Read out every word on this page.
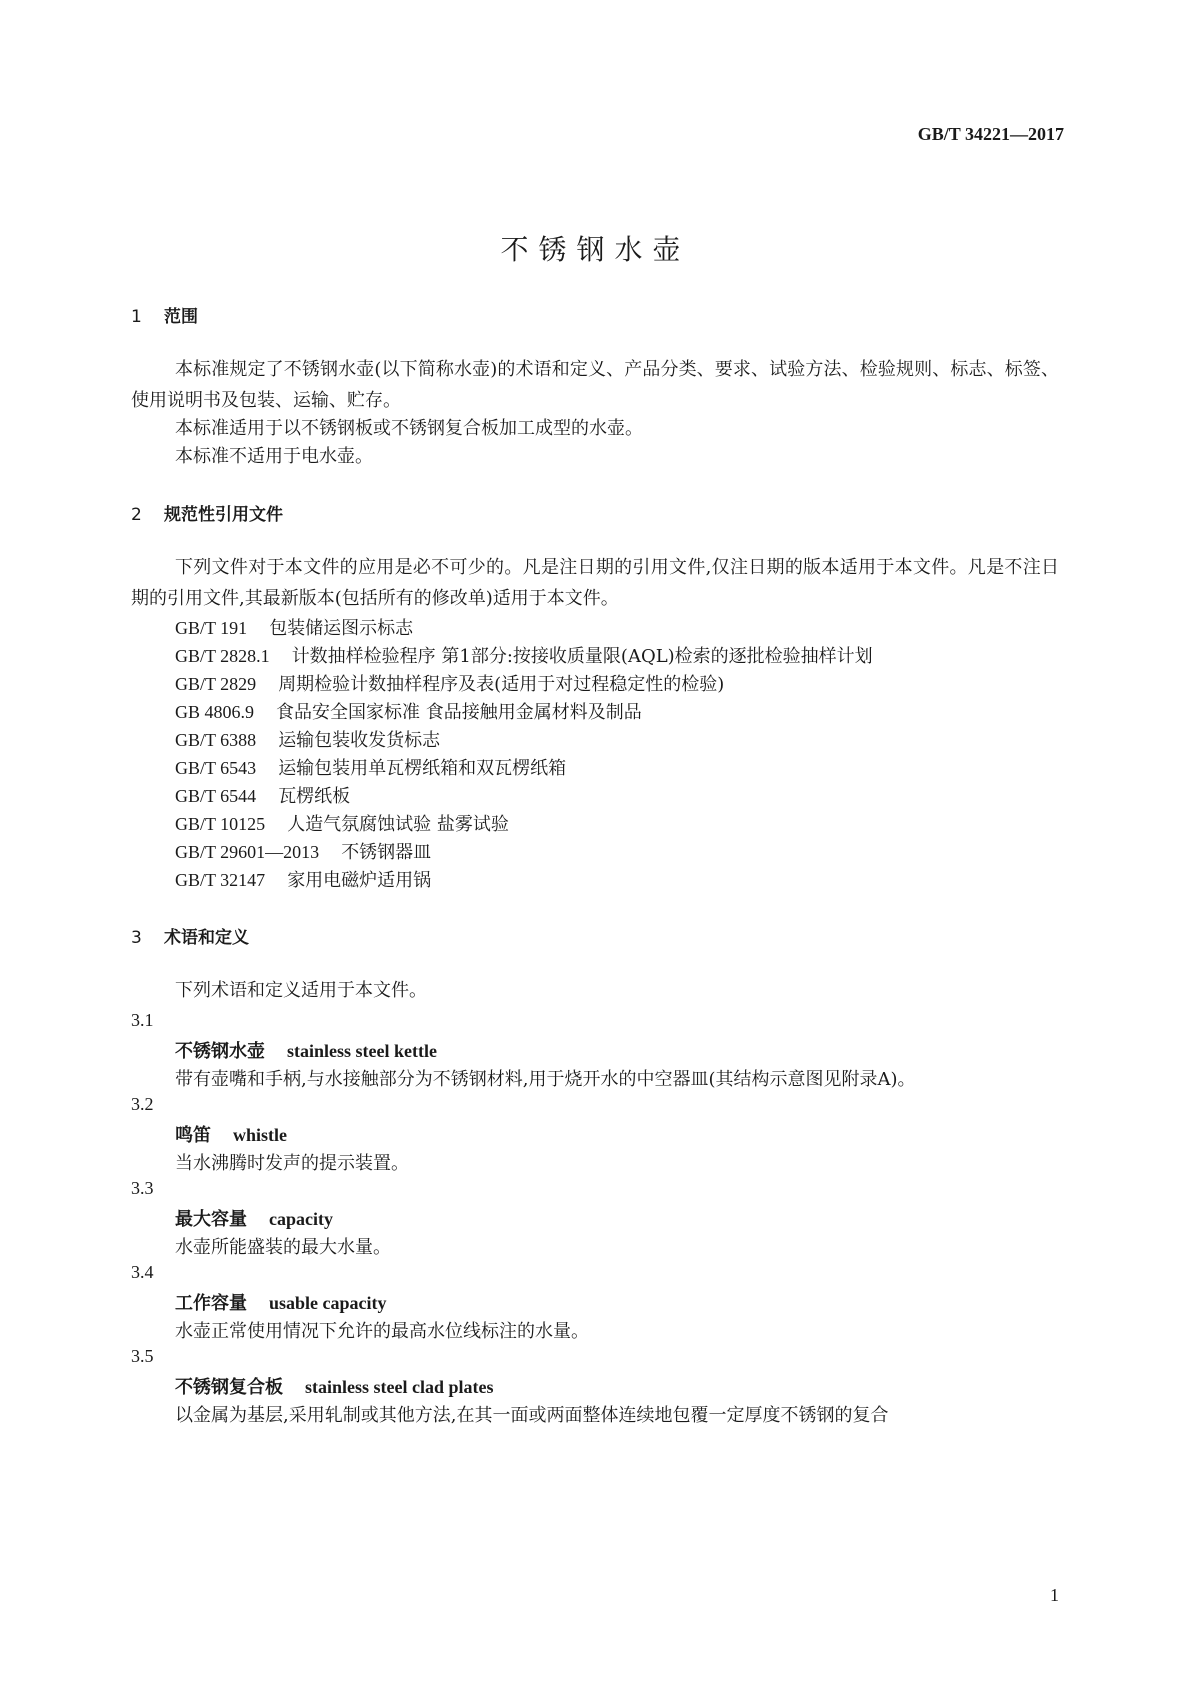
GB/T 34221—2017
不锈钢水壶
1 范围
本标准规定了不锈钢水壶(以下简称水壶)的术语和定义、产品分类、要求、试验方法、检验规则、标志、标签、使用说明书及包装、运输、贮存。
本标准适用于以不锈钢板或不锈钢复合板加工成型的水壶。
本标准不适用于电水壶。
2 规范性引用文件
下列文件对于本文件的应用是必不可少的。凡是注日期的引用文件,仅注日期的版本适用于本文件。凡是不注日期的引用文件,其最新版本(包括所有的修改单)适用于本文件。
GB/T 191 包装储运图示标志
GB/T 2828.1 计数抽样检验程序 第1部分:按接收质量限(AQL)检索的逐批检验抽样计划
GB/T 2829 周期检验计数抽样程序及表(适用于对过程稳定性的检验)
GB 4806.9 食品安全国家标准 食品接触用金属材料及制品
GB/T 6388 运输包装收发货标志
GB/T 6543 运输包装用单瓦楞纸箱和双瓦楞纸箱
GB/T 6544 瓦楞纸板
GB/T 10125 人造气氛腐蚀试验 盐雾试验
GB/T 29601—2013 不锈钢器皿
GB/T 32147 家用电磁炉适用锅
3 术语和定义
下列术语和定义适用于本文件。
3.1
不锈钢水壶 stainless steel kettle
带有壶嘴和手柄,与水接触部分为不锈钢材料,用于烧开水的中空器皿(其结构示意图见附录A)。
3.2
鸣笛 whistle
当水沸腾时发声的提示装置。
3.3
最大容量 capacity
水壶所能盛装的最大水量。
3.4
工作容量 usable capacity
水壶正常使用情况下允许的最高水位线标注的水量。
3.5
不锈钢复合板 stainless steel clad plates
以金属为基层,采用轧制或其他方法,在其一面或两面整体连续地包覆一定厚度不锈钢的复合
1
